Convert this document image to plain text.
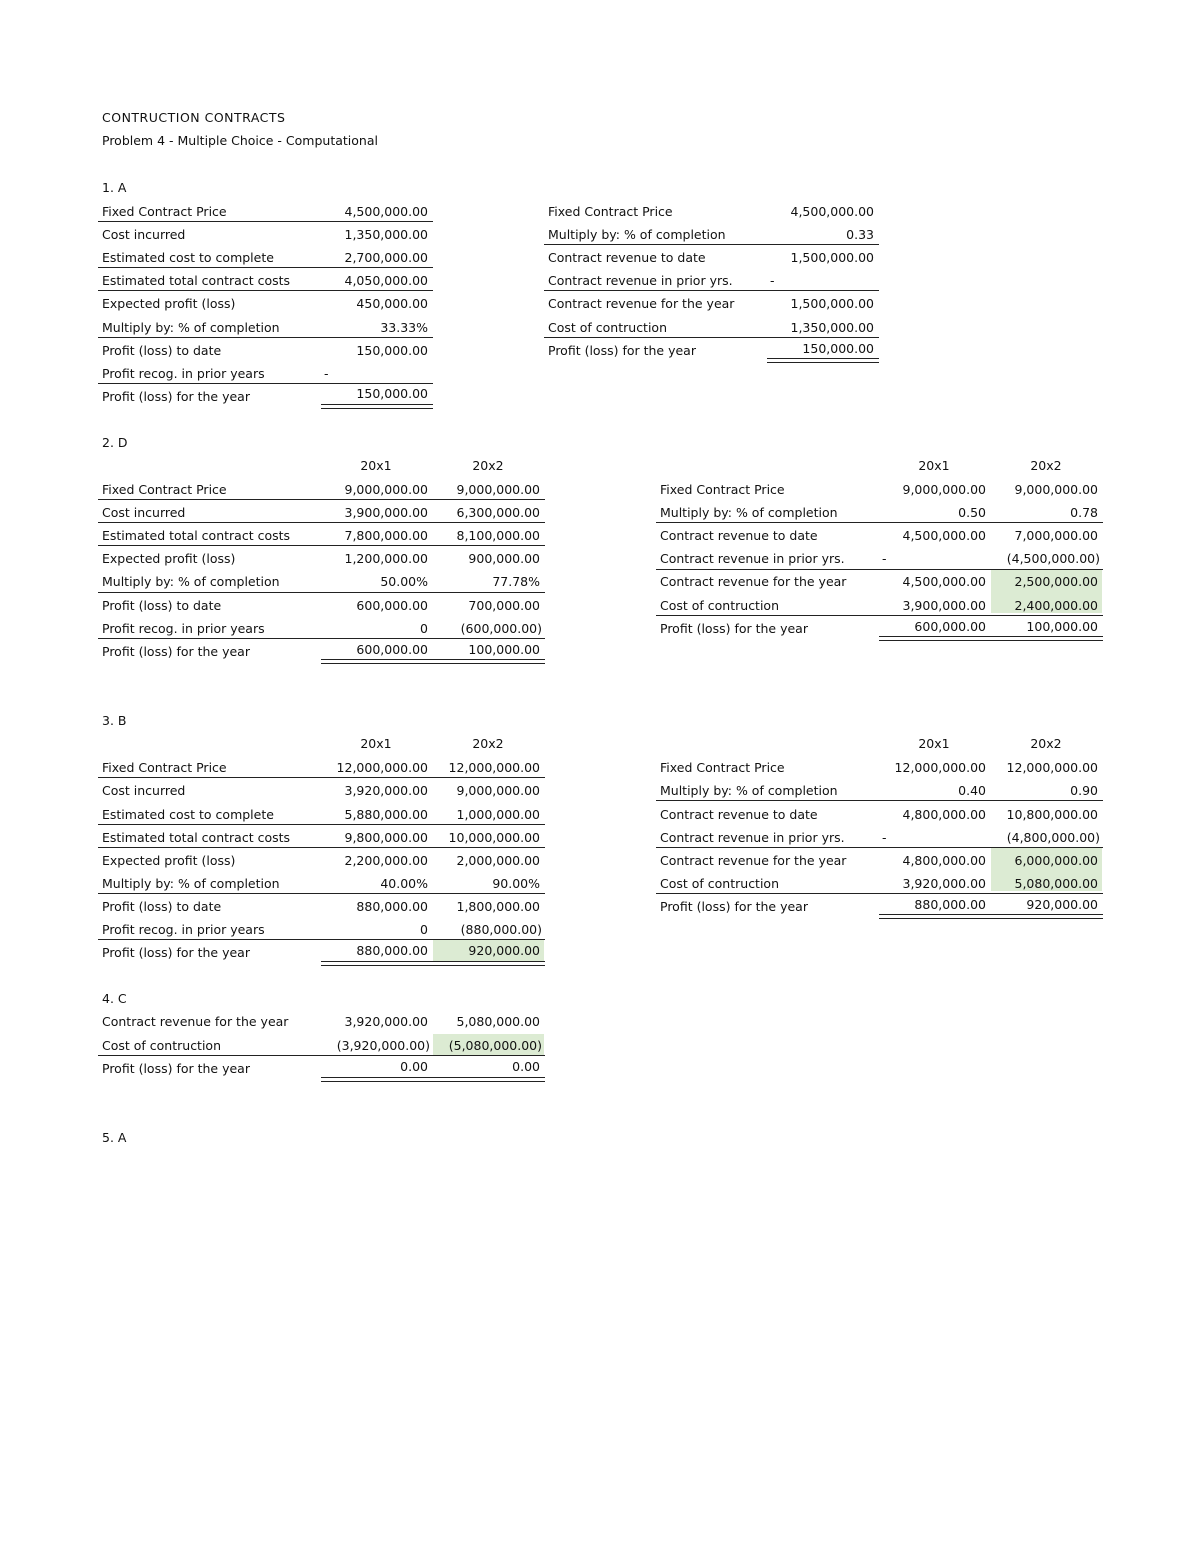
CONTRUCTION CONTRACTS
Problem 4 - Multiple Choice - Computational
1. A
Fixed Contract Price	4,500,000.00
Cost incurred	1,350,000.00
Estimated cost to complete	2,700,000.00
Estimated total contract costs	4,050,000.00
Expected profit (loss)	450,000.00
Multiply by: % of completion	33.33%
Profit (loss) to date	150,000.00
Profit recog. in prior years	-
Profit (loss) for the year	150,000.00
Fixed Contract Price	4,500,000.00
Multiply by: % of completion	0.33
Contract revenue to date	1,500,000.00
Contract revenue in prior yrs.	-
Contract revenue for the year	1,500,000.00
Cost of contruction	1,350,000.00
Profit (loss) for the year	150,000.00
2. D
20x1	20x2	20x1	20x2
Fixed Contract Price	9,000,000.00	9,000,000.00
Cost incurred	3,900,000.00	6,300,000.00
Estimated total contract costs	7,800,000.00	8,100,000.00
Expected profit (loss)	1,200,000.00	900,000.00
Multiply by: % of completion	50.00%	77.78%
Profit (loss) to date	600,000.00	700,000.00
Profit recog. in prior years	0	(600,000.00)
Profit (loss) for the year	600,000.00	100,000.00
Fixed Contract Price	9,000,000.00	9,000,000.00
Multiply by: % of completion	0.50	0.78
Contract revenue to date	4,500,000.00	7,000,000.00
Contract revenue in prior yrs.	-	(4,500,000.00)
Contract revenue for the year	4,500,000.00	2,500,000.00
Cost of contruction	3,900,000.00	2,400,000.00
Profit (loss) for the year	600,000.00	100,000.00
3. B
20x1	20x2	20x1	20x2
Fixed Contract Price	12,000,000.00	12,000,000.00
Cost incurred	3,920,000.00	9,000,000.00
Estimated cost to complete	5,880,000.00	1,000,000.00
Estimated total contract costs	9,800,000.00	10,000,000.00
Expected profit (loss)	2,200,000.00	2,000,000.00
Multiply by: % of completion	40.00%	90.00%
Profit (loss) to date	880,000.00	1,800,000.00
Profit recog. in prior years	0	(880,000.00)
Profit (loss) for the year	880,000.00	920,000.00
Fixed Contract Price	12,000,000.00	12,000,000.00
Multiply by: % of completion	0.40	0.90
Contract revenue to date	4,800,000.00	10,800,000.00
Contract revenue in prior yrs.	-	(4,800,000.00)
Contract revenue for the year	4,800,000.00	6,000,000.00
Cost of contruction	3,920,000.00	5,080,000.00
Profit (loss) for the year	880,000.00	920,000.00
4. C
Contract revenue for the year	3,920,000.00	5,080,000.00
Cost of contruction	(3,920,000.00)	(5,080,000.00)
Profit (loss) for the year	0.00	0.00
5. A
